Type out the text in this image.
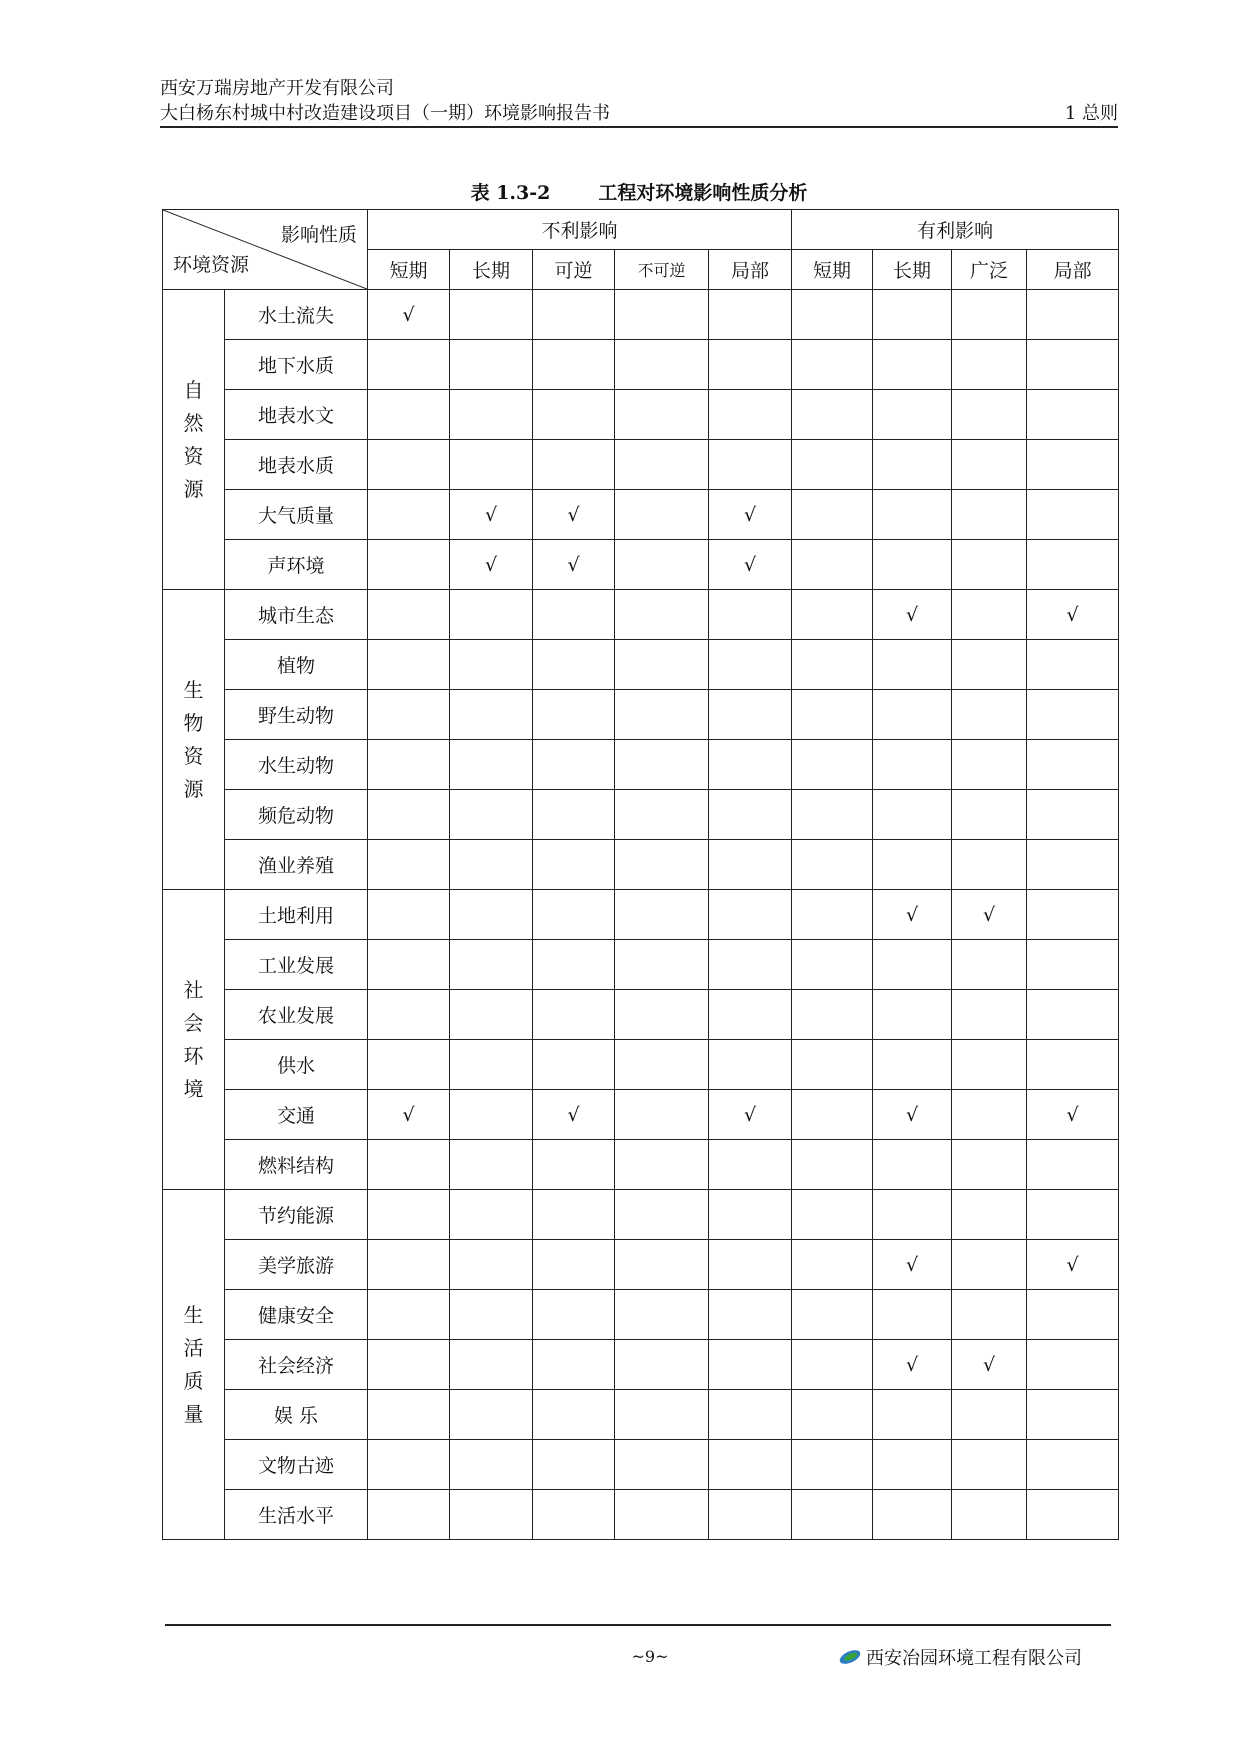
西安万瑞房地产开发有限公司
大白杨东村城中村改造建设项目（一期）环境影响报告书	1 总则
表 1.3-2	工程对环境影响性质分析
影响性质
环境资源		不利影响					有利影响			
		短期	长期	可逆	不可逆	局部	短期	长期	广泛	局部

自
然
资
源	水土流失	√								
	地下水质									
	地表水文									
	地表水质									
	大气质量		√	√		√				
	声环境		√	√		√				

生
物
资
源	城市生态							√		√
	植物									
	野生动物									
	水生动物									
	频危动物									
	渔业养殖									

社
会
环
境	土地利用							√	√	
	工业发展									
	农业发展									
	供水									
	交通	√		√		√		√		√
	燃料结构									

生
活
质
量	节约能源									
	美学旅游							√		√
	健康安全									
	社会经济							√	√	
	娱 乐									
	文物古迹									
	生活水平									
~9~	西安冶园环境工程有限公司
